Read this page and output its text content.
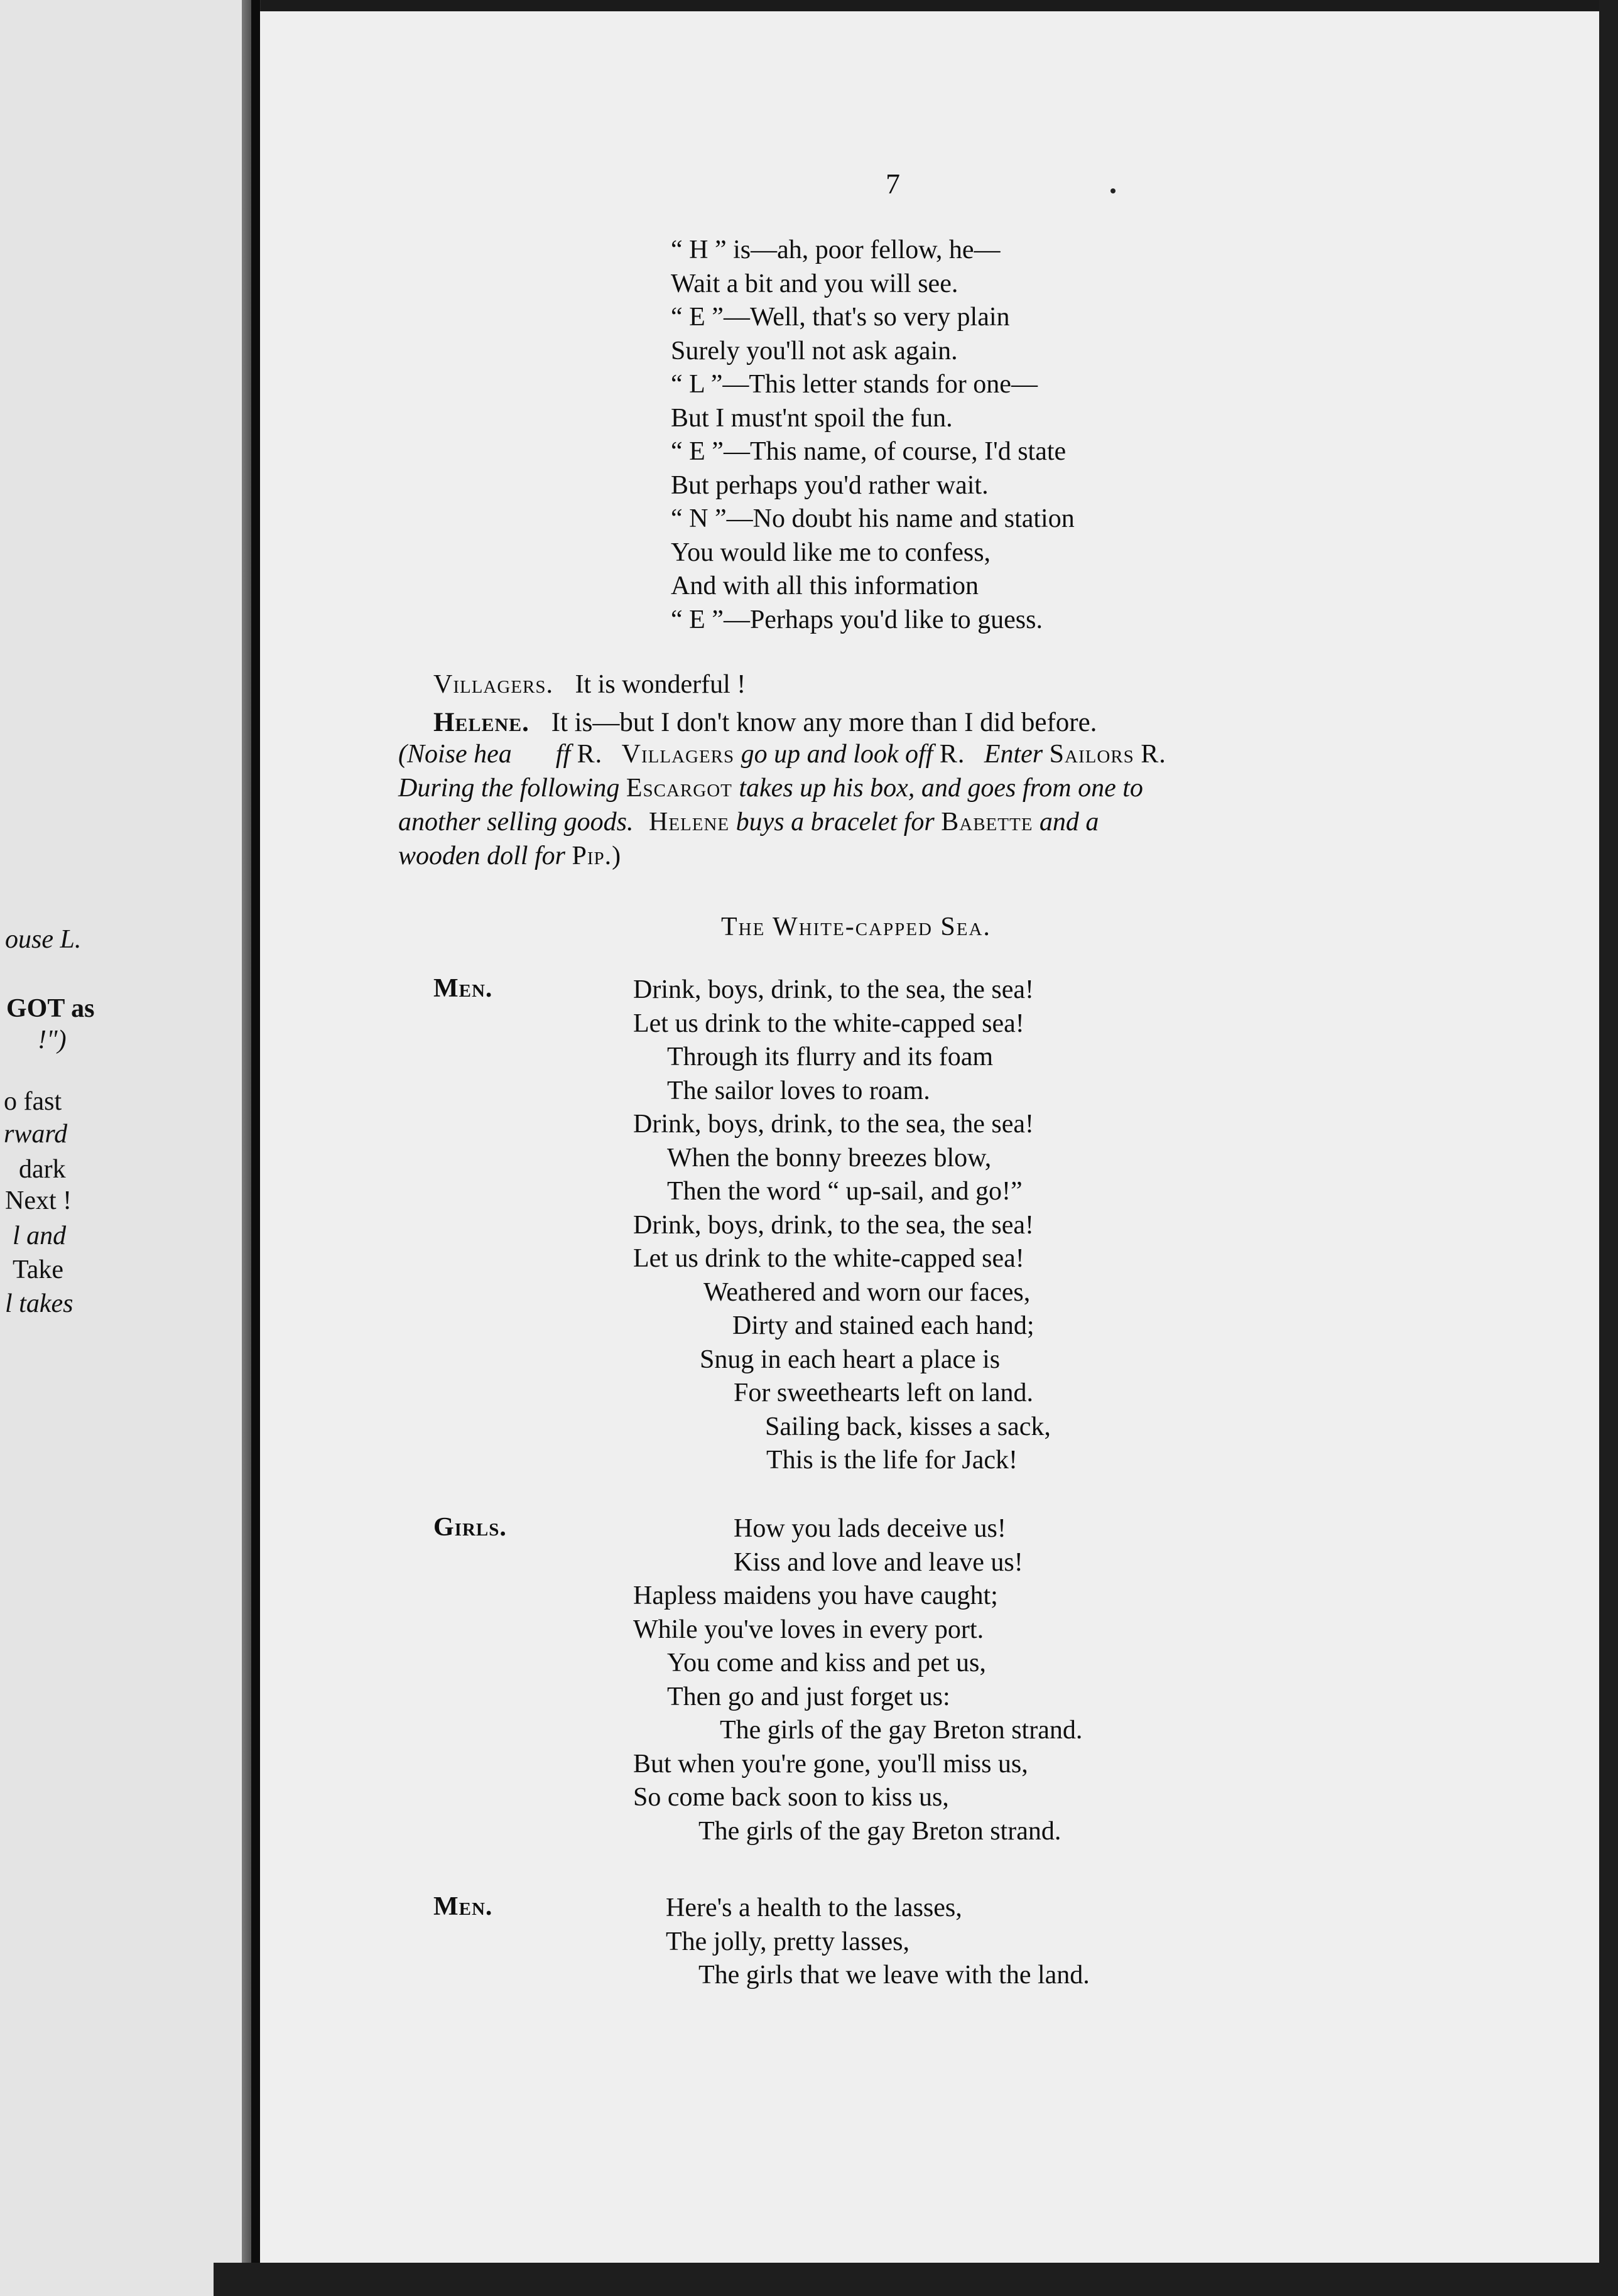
ouse L.
GOT as
!")
o fast
rward
dark
Next !
l and
Take
l takes
7
“ H ” is—ah, poor fellow, he—
Wait a bit and you will see.
“ E ”—Well, that's so very plain
Surely you'll not ask again.
“ L ”—This letter stands for one—
But I must'nt spoil the fun.
“ E ”—This name, of course, I'd state
But perhaps you'd rather wait.
“ N ”—No doubt his name and station
You would like me to confess,
And with all this information
“ E ”—Perhaps you'd like to guess.
Villagers. It is wonderful !
Helene. It is—but I don't know any more than I did before.
(Noise hea ff R. Villagers go up and look off R. Enter Sailors R.
During the following Escargot takes up his box, and goes from one to
another selling goods. Helene buys a bracelet for Babette and a
wooden doll for Pip.)
The White-capped Sea.
Men.	Drink, boys, drink, to the sea, the sea!
Let us drink to the white-capped sea!
Through its flurry and its foam
The sailor loves to roam.
Drink, boys, drink, to the sea, the sea!
When the bonny breezes blow,
Then the word “ up-sail, and go!”
Drink, boys, drink, to the sea, the sea!
Let us drink to the white-capped sea!
Weathered and worn our faces,
Dirty and stained each hand;
Snug in each heart a place is
For sweethearts left on land.
Sailing back, kisses a sack,
This is the life for Jack!
Girls.	How you lads deceive us!
Kiss and love and leave us!
Hapless maidens you have caught;
While you've loves in every port.
You come and kiss and pet us,
Then go and just forget us:
The girls of the gay Breton strand.
But when you're gone, you'll miss us,
So come back soon to kiss us,
The girls of the gay Breton strand.
Men.	Here's a health to the lasses,
The jolly, pretty lasses,
The girls that we leave with the land.
